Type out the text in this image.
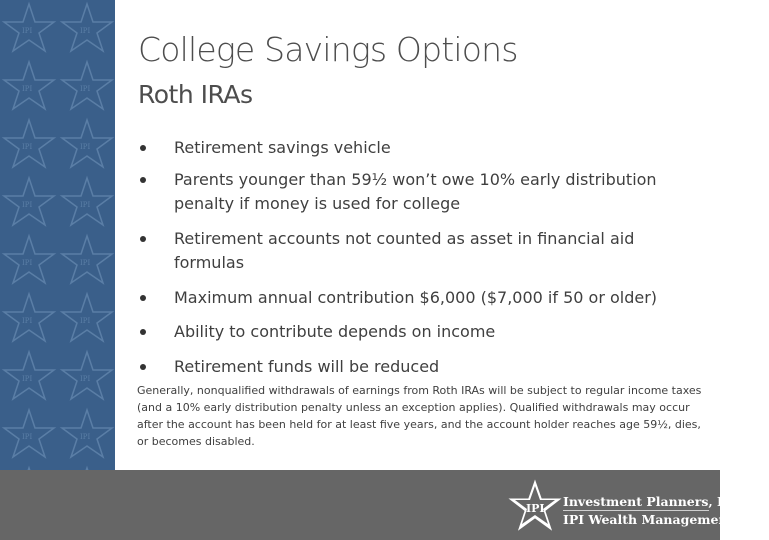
College Savings Options
Roth IRAs
Retirement savings vehicle
Parents younger than 59½ won’t owe 10% early distribution penalty if money is used for college
Retirement accounts not counted as asset in financial aid formulas
Maximum annual contribution $6,000 ($7,000 if 50 or older)
Ability to contribute depends on income
Retirement funds will be reduced
Generally, nonqualified withdrawals of earnings from Roth IRAs will be subject to regular income taxes (and a 10% early distribution penalty unless an exception applies). Qualified withdrawals may occur after the account has been held for at least five years, and the account holder reaches age 59½, dies, or becomes disabled.
IPI Investment Planners, Inc.
IPI Wealth Management, Inc.
